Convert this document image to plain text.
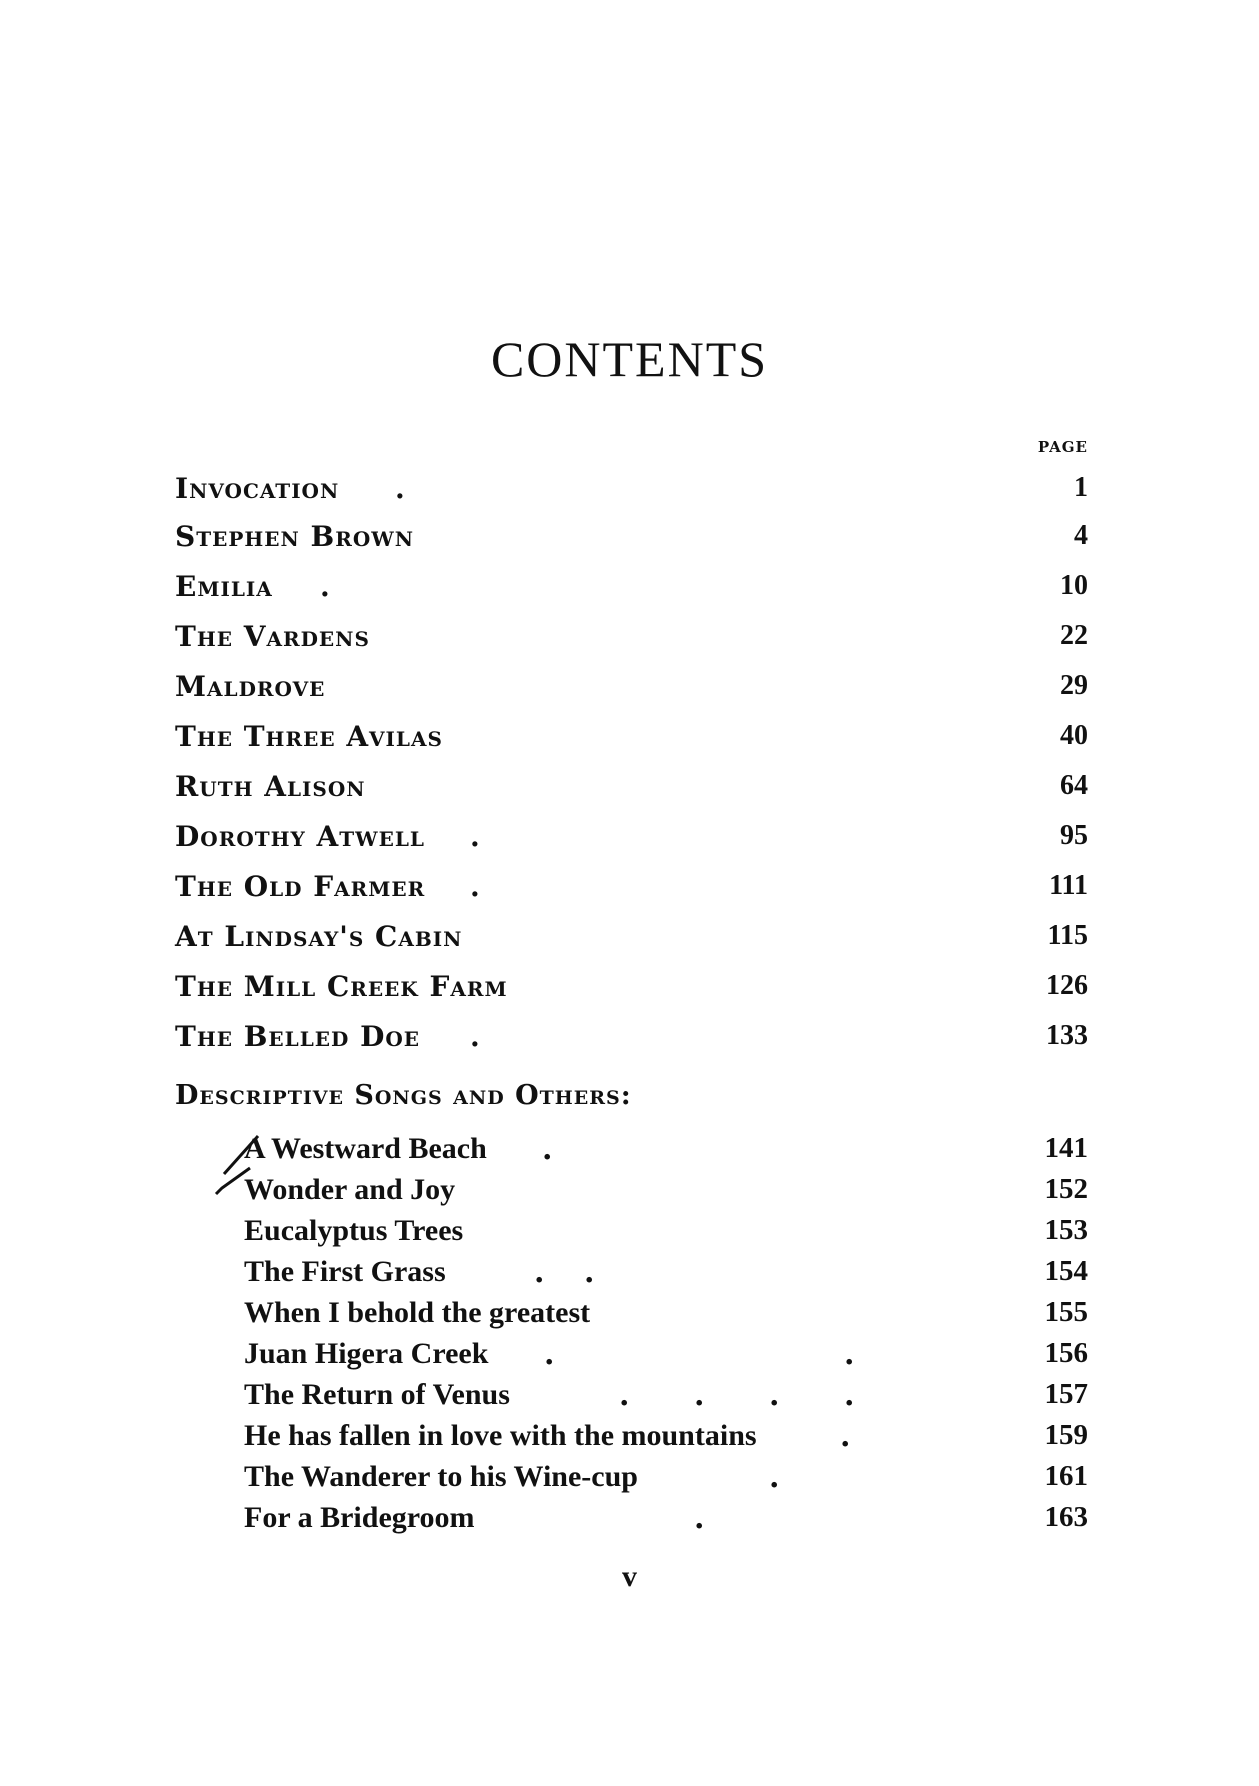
CONTENTS
PAGE
Invocation .	1
Stephen Brown	4
Emilia .	10
The Vardens	22
Maldrove	29
The Three Avilas	40
Ruth Alison	64
Dorothy Atwell .	95
The Old Farmer .	111
At Lindsay's Cabin	115
The Mill Creek Farm	126
The Belled Doe .	133
Descriptive Songs and Others:
A Westward Beach .	141
Wonder and Joy	152
Eucalyptus Trees	153
The First Grass	. .	154
When I behold the greatest	155
Juan Higera Creek .	.	156
The Return of Venus	. . . .	157
He has fallen in love with the mountains	.	159
The Wanderer to his Wine-cup	.	161
For a Bridegroom	.	163
v
